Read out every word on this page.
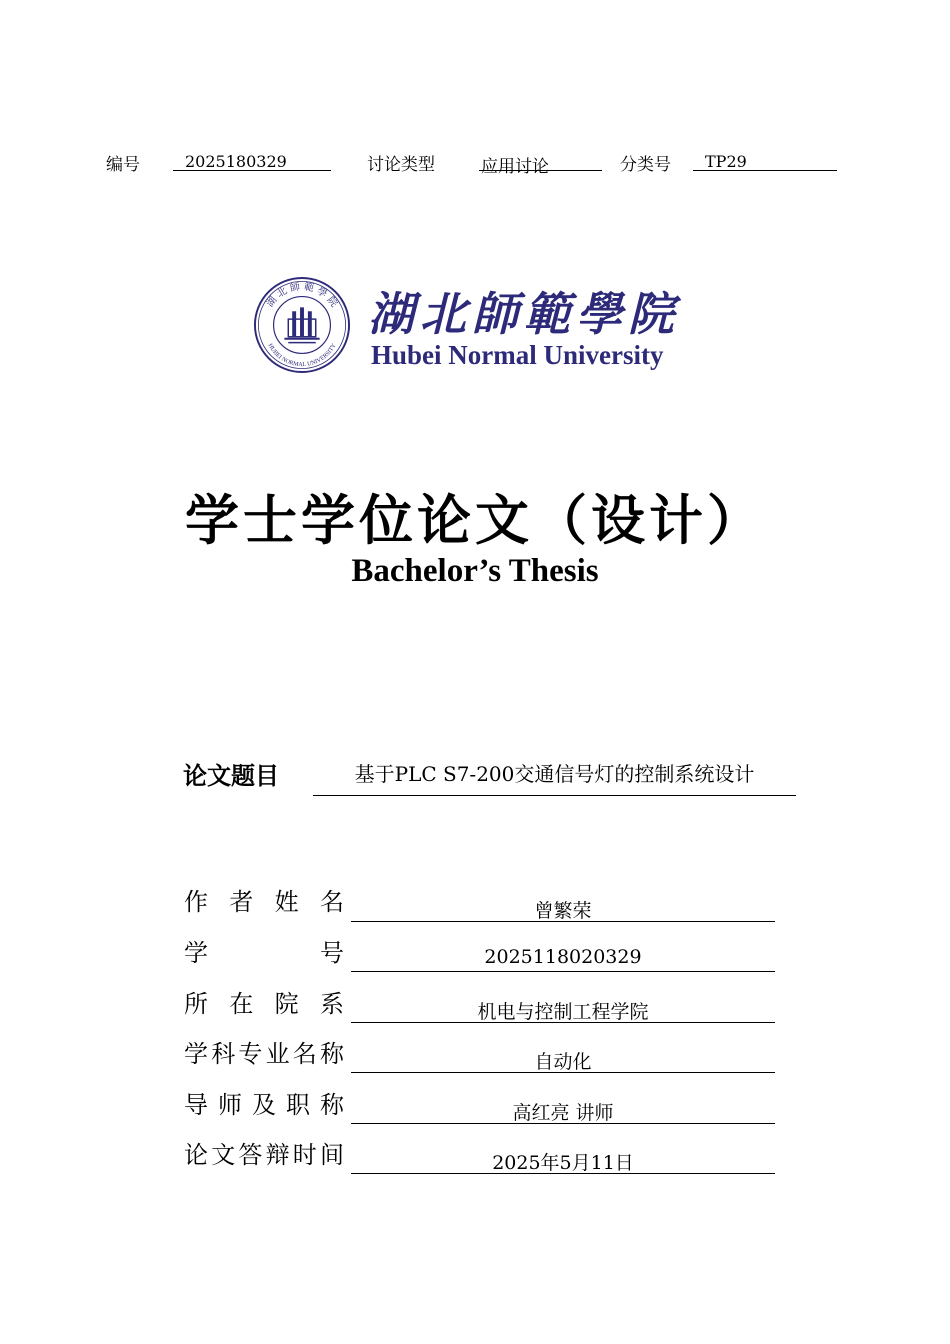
编号	2025180329	讨论类型	应用讨论	分类号	TP29
湖 北 師 範 學 院
HUBEI NORMAL UNIVERSITY
湖北師範學院
Hubei Normal University
学士学位论文（设计）
Bachelor’s Thesis
论文题目	基于PLC S7-200交通信号灯的控制系统设计
作者姓名	曾繁荣
学号	2025118020329
所在院系	机电与控制工程学院
学科专业名称	自动化
导师及职称	高红亮 讲师
论文答辩时间	2025年5月11日
